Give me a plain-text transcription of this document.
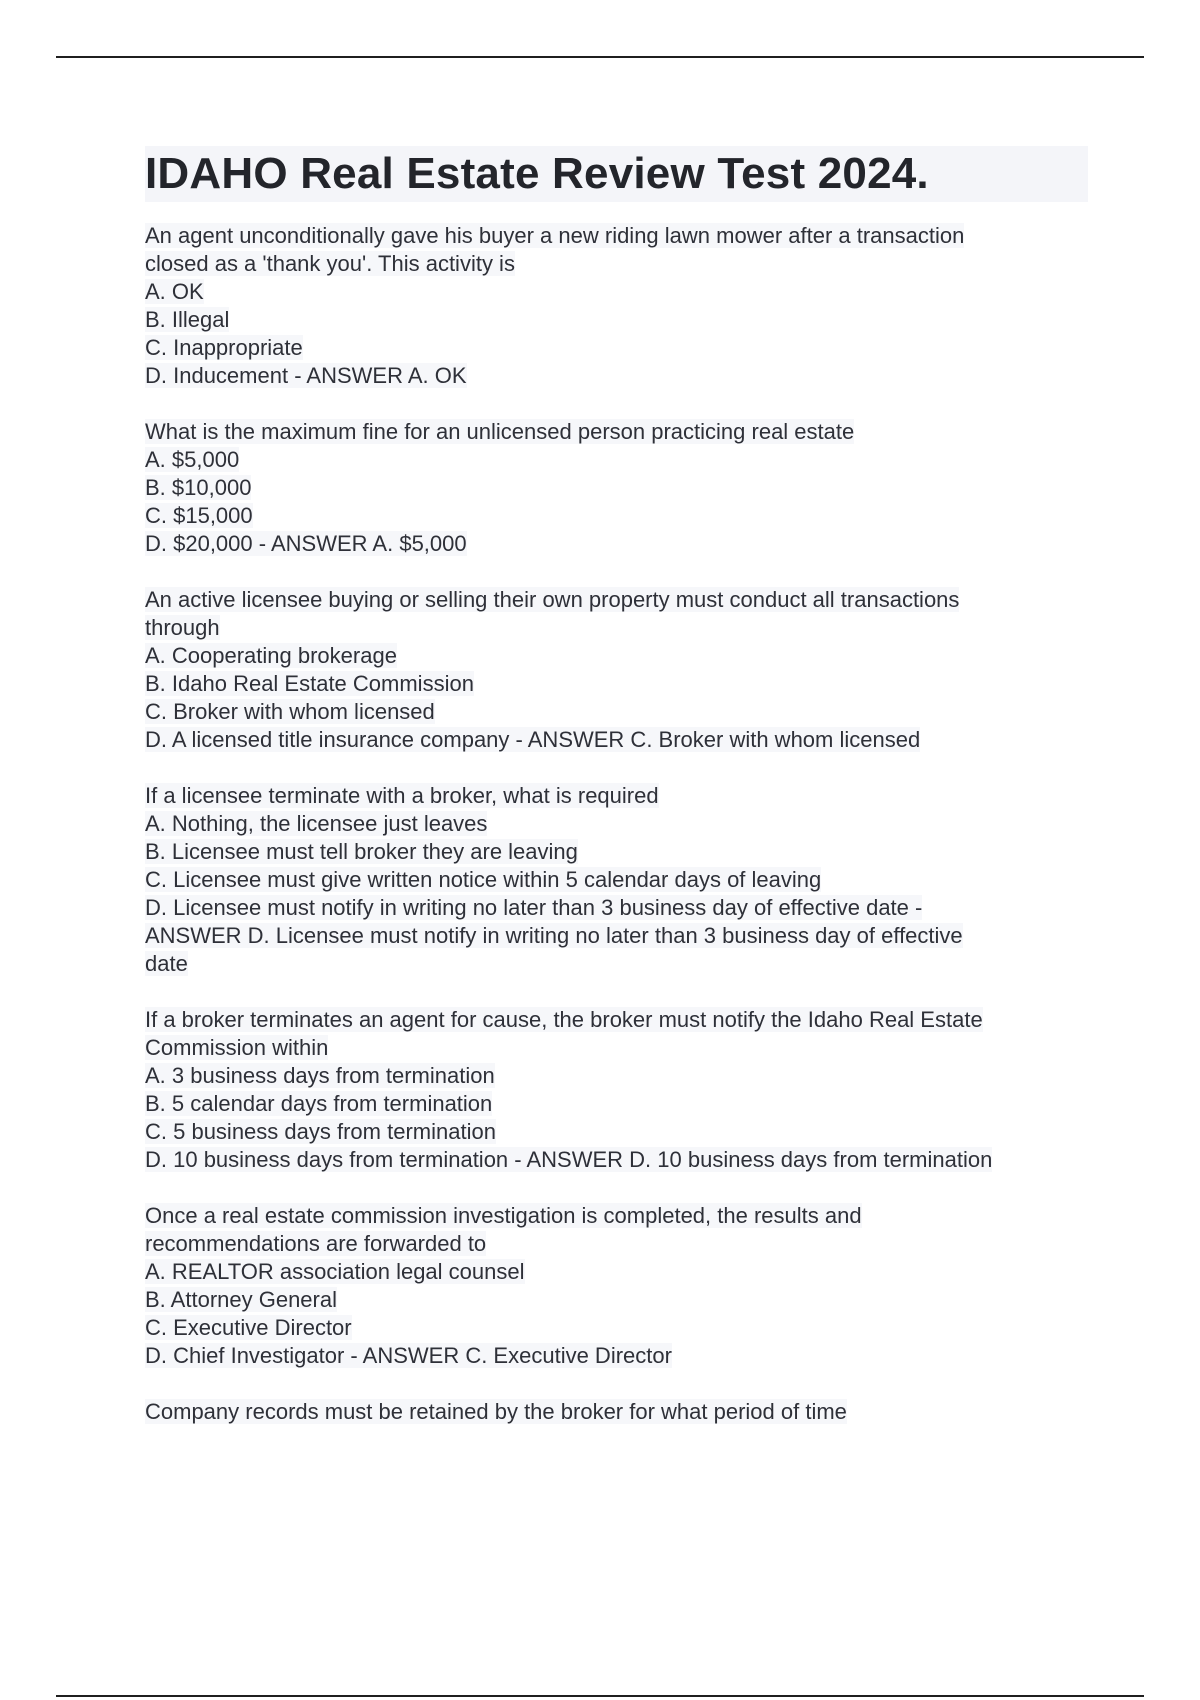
IDAHO Real Estate Review Test 2024.
An agent unconditionally gave his buyer a new riding lawn mower after a transaction
closed as a 'thank you'. This activity is
A. OK
B. Illegal
C. Inappropriate
D. Inducement - ANSWER A. OK
What is the maximum fine for an unlicensed person practicing real estate
A. $5,000
B. $10,000
C. $15,000
D. $20,000 - ANSWER A. $5,000
An active licensee buying or selling their own property must conduct all transactions
through
A. Cooperating brokerage
B. Idaho Real Estate Commission
C. Broker with whom licensed
D. A licensed title insurance company - ANSWER C. Broker with whom licensed
If a licensee terminate with a broker, what is required
A. Nothing, the licensee just leaves
B. Licensee must tell broker they are leaving
C. Licensee must give written notice within 5 calendar days of leaving
D. Licensee must notify in writing no later than 3 business day of effective date -
ANSWER D. Licensee must notify in writing no later than 3 business day of effective
date
If a broker terminates an agent for cause, the broker must notify the Idaho Real Estate
Commission within
A. 3 business days from termination
B. 5 calendar days from termination
C. 5 business days from termination
D. 10 business days from termination - ANSWER D. 10 business days from termination
Once a real estate commission investigation is completed, the results and
recommendations are forwarded to
A. REALTOR association legal counsel
B. Attorney General
C. Executive Director
D. Chief Investigator - ANSWER C. Executive Director
Company records must be retained by the broker for what period of time
